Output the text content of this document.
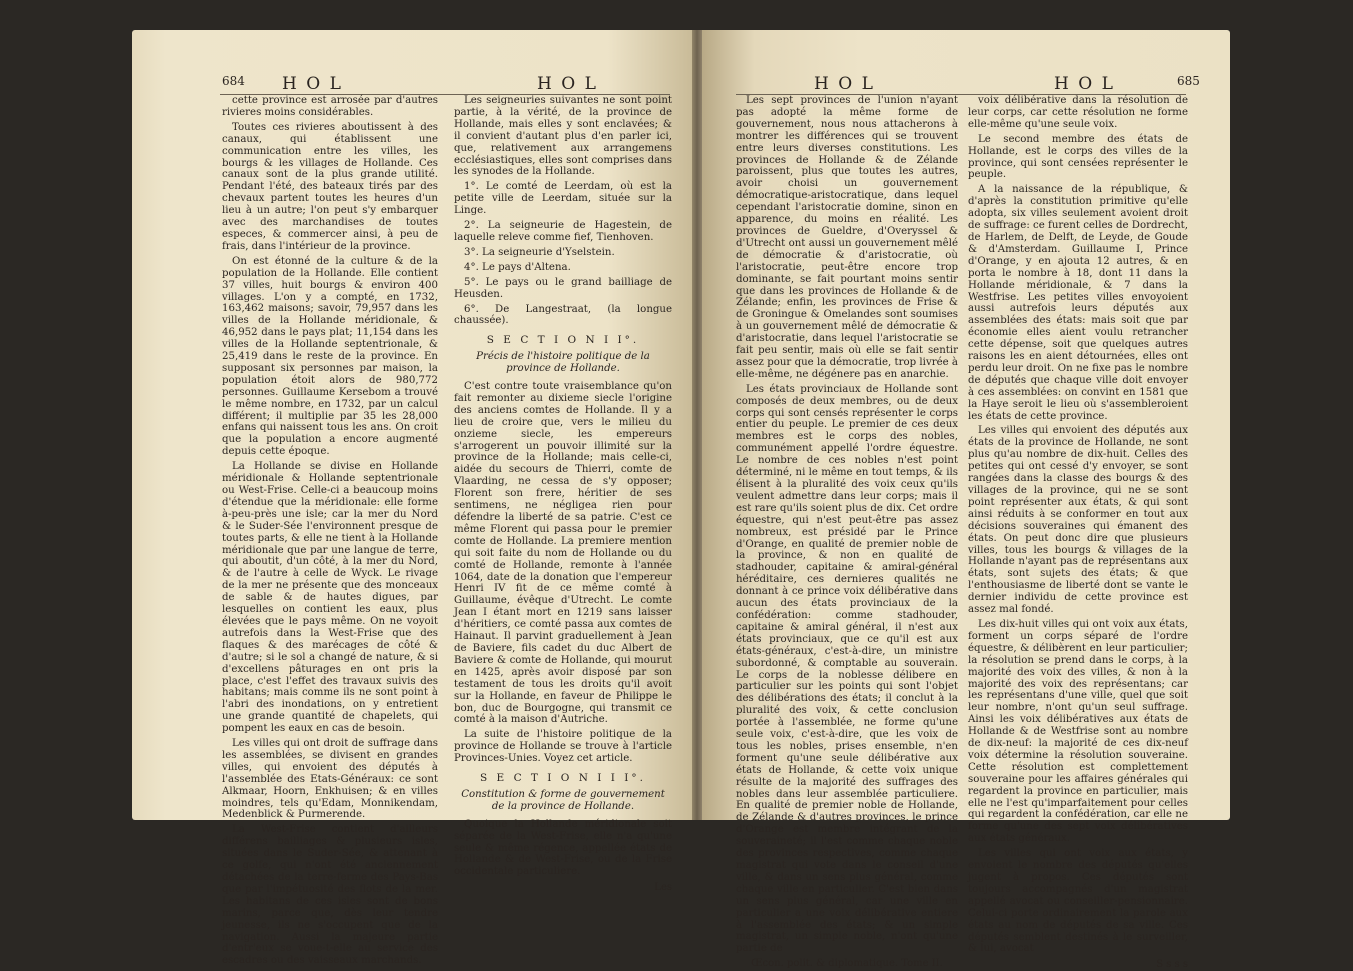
684 H O L	H O L

cette province est arrosée par d'autres rivieres moins considérables.

Toutes ces rivieres aboutissent à des canaux, qui établissent une communication entre les villes, les bourgs & les villages de Hollande. Ces canaux sont de la plus grande utilité. Pendant l'été, des bateaux tirés par des chevaux partent toutes les heures d'un lieu à un autre; l'on peut s'y embarquer avec des marchandises de toutes especes, & commercer ainsi, à peu de frais, dans l'intérieur de la province.

On est étonné de la culture & de la population de la Hollande. Elle contient 37 villes, huit bourgs & environ 400 villages. L'on y a compté, en 1732, 163,462 maisons; savoir, 79,957 dans les villes de la Hollande méridionale, & 46,952 dans le pays plat; 11,154 dans les villes de la Hollande septentrionale, & 25,419 dans le reste de la province. En supposant six personnes par maison, la population étoit alors de 980,772 personnes. Guillaume Kersebom a trouvé le même nombre, en 1732, par un calcul différent; il multiplie par 35 les 28,000 enfans qui naissent tous les ans. On croit que la population a encore augmenté depuis cette époque.

La Hollande se divise en Hollande méridionale & Hollande septentrionale ou West-Frise. Celle-ci a beaucoup moins d'étendue que la méridionale: elle forme à-peu-près une isle; car la mer du Nord & le Suder-Sée l'environnent presque de toutes parts, & elle ne tient à la Hollande méridionale que par une langue de terre, qui aboutit, d'un côté, à la mer du Nord, & de l'autre à celle de Wyck. Le rivage de la mer ne présente que des monceaux de sable & de hautes digues, par lesquelles on contient les eaux, plus élevées que le pays même. On ne voyoit autrefois dans la West-Frise que des flaques & des marécages de côté & d'autre; si le sol a changé de nature, & si d'excellens pâturages en ont pris la place, c'est l'effet des travaux suivis des habitans; mais comme ils ne sont point à l'abri des inondations, on y entretient une grande quantité de chapelets, qui pompent les eaux en cas de besoin.

Les villes qui ont droit de suffrage dans les assemblées, se divisent en grandes villes, qui envoient des députés à l'assemblée des Etats-Généraux: ce sont Alkmaar, Hoorn, Enkhuisen; & en villes moindres, tels qu'Edam, Monnikendam, Medenblick & Purmerende.

La West-Frise contient d'ailleurs différens bailliages & plusieurs isles, situées dans le Suder-Sée, & attenant à ce golfe, qui n'ont été anciennement détachées de la terre-ferme des Pays-Bas que par l'impétuosité des flots de la mer. Les habitans de ces isles sont de bons marins, parce que, dès leur tendre jeunesse, ils ne s'occupent que de la navigation. Aussi la majeure partie d'entr'eux se voue-t-elle au service des escadres ou des vaisseaux marchands.

Les seigneuries suivantes ne sont point partie, à la vérité, de la province de Hollande, mais elles y sont enclavées; & il convient d'autant plus d'en parler ici, que, relativement aux arrangemens ecclésiastiques, elles sont comprises dans les synodes de la Hollande.

1°. Le comté de Leerdam, où est la petite ville de Leerdam, située sur la Linge.

2°. La seigneurie de Hagestein, de laquelle releve comme fief, Tienhoven.

3°. La seigneurie d'Yselstein.

4°. Le pays d'Altena.

5°. Le pays ou le grand bailliage de Heusden.

6°. De Langestraat, (la longue chaussée).

S E C T I O N I I°.
Précis de l'histoire politique de la province de Hollande.

C'est contre toute vraisemblance qu'on fait remonter au dixieme siecle l'origine des anciens comtes de Hollande. Il y a lieu de croire que, vers le milieu du onzieme siecle, les empereurs s'arrogerent un pouvoir illimité sur la province de la Hollande; mais celle-ci, aidée du secours de Thierri, comte de Vlaarding, ne cessa de s'y opposer; Florent son frere, héritier de ses sentimens, ne négligea rien pour défendre la liberté de sa patrie. C'est ce même Florent qui passa pour le premier comte de Hollande. La premiere mention qui soit faite du nom de Hollande ou du comté de Hollande, remonte à l'année 1064, date de la donation que l'empereur Henri IV fit de ce même comté à Guillaume, évêque d'Utrecht. Le comte Jean I étant mort en 1219 sans laisser d'héritiers, ce comté passa aux comtes de Hainaut. Il parvint graduellement à Jean de Baviere, fils cadet du duc Albert de Baviere & comte de Hollande, qui mourut en 1425, après avoir disposé par son testament de tous les droits qu'il avoit sur la Hollande, en faveur de Philippe le bon, duc de Bourgogne, qui transmit ce comté à la maison d'Autriche.

La suite de l'histoire politique de la province de Hollande se trouve à l'article Provinces-Unies. Voyez cet article.

S E C T I O N I I I°.
Constitution & forme de gouvernement de la province de Hollande.

Quoique la Hollande méridionale soit séparée de la West-Frise, elle n'a qu'une seule & même régence, appellée états de Hollande & de West-Frise, ou de la Frise occidentale particuliere.

Les
H O L	H O L	685

Les sept provinces de l'union n'ayant pas adopté la même forme de gouvernement, nous nous attacherons à montrer les différences qui se trouvent entre leurs diverses constitutions. Les provinces de Hollande & de Zélande paroissent, plus que toutes les autres, avoir choisi un gouvernement démocratique-aristocratique, dans lequel cependant l'aristocratie domine, sinon en apparence, du moins en réalité. Les provinces de Gueldre, d'Overyssel & d'Utrecht ont aussi un gouvernement mêlé de démocratie & d'aristocratie, où l'aristocratie, peut-être encore trop dominante, se fait pourtant moins sentir que dans les provinces de Hollande & de Zélande; enfin, les provinces de Frise & de Groningue & Omelandes sont soumises à un gouvernement mêlé de démocratie & d'aristocratie, dans lequel l'aristocratie se fait peu sentir, mais où elle se fait sentir assez pour que la démocratie, trop livrée à elle-même, ne dégénere pas en anarchie.

Les états provinciaux de Hollande sont composés de deux membres, ou de deux corps qui sont censés représenter le corps entier du peuple. Le premier de ces deux membres est le corps des nobles, communément appellé l'ordre équestre. Le nombre de ces nobles n'est point déterminé, ni le même en tout temps, & ils élisent à la pluralité des voix ceux qu'ils veulent admettre dans leur corps; mais il est rare qu'ils soient plus de dix. Cet ordre équestre, qui n'est peut-être pas assez nombreux, est présidé par le Prince d'Orange, en qualité de premier noble de la province, & non en qualité de stadhouder, capitaine & amiral-général héréditaire, ces dernieres qualités ne donnant à ce prince voix délibérative dans aucun des états provinciaux de la confédération: comme stadhouder, capitaine & amiral général, il n'est aux états provinciaux, que ce qu'il est aux états-généraux, c'est-à-dire, un ministre subordonné, & comptable au souverain. Le corps de la noblesse délibere en particulier sur les points qui sont l'objet des délibérations des états; il conclut à la pluralité des voix, & cette conclusion portée à l'assemblée, ne forme qu'une seule voix, c'est-à-dire, que les voix de tous les nobles, prises ensemble, n'en forment qu'une seule délibérative aux états de Hollande, & cette voix unique résulte de la majorité des suffrages des nobles dans leur assemblée particuliere. En qualité de premier noble de Hollande, de Zélande & d'autres provinces, le prince d'Orange est membre intégrant de la souveraineté; il l'est comme chaque noble des provinces respectives, comme chaque magistrat qui vote dans le conseil d'une ville, & dans un sens plus général, comme chaque ville en particulier. C'est bien dans un sens plus général, car une ville en particulier a une voix délibérative entiere à l'assemblée des états; & un simple magistrat, un simple noble, n'ont qu'une partie de

Œcon. polit. & diplomatique. Tome II.

voix délibérative dans la résolution de leur corps, car cette résolution ne forme elle-même qu'une seule voix.

Le second membre des états de Hollande, est le corps des villes de la province, qui sont censées représenter le peuple.

A la naissance de la république, & d'après la constitution primitive qu'elle adopta, six villes seulement avoient droit de suffrage: ce furent celles de Dordrecht, de Harlem, de Delft, de Leyde, de Goude & d'Amsterdam. Guillaume I, Prince d'Orange, y en ajouta 12 autres, & en porta le nombre à 18, dont 11 dans la Hollande méridionale, & 7 dans la Westfrise. Les petites villes envoyoient aussi autrefois leurs députés aux assemblées des états: mais soit que par économie elles aient voulu retrancher cette dépense, soit que quelques autres raisons les en aient détournées, elles ont perdu leur droit. On ne fixe pas le nombre de députés que chaque ville doit envoyer à ces assemblées: on convint en 1581 que la Haye seroit le lieu où s'assembleroient les états de cette province.

Les villes qui envoient des députés aux états de la province de Hollande, ne sont plus qu'au nombre de dix-huit. Celles des petites qui ont cessé d'y envoyer, se sont rangées dans la classe des bourgs & des villages de la province, qui ne se sont point représenter aux états, & qui sont ainsi réduits à se conformer en tout aux décisions souveraines qui émanent des états. On peut donc dire que plusieurs villes, tous les bourgs & villages de la Hollande n'ayant pas de représentans aux états, sont sujets des états; & que l'enthousiasme de liberté dont se vante le dernier individu de cette province est assez mal fondé.

Les dix-huit villes qui ont voix aux états, forment un corps séparé de l'ordre équestre, & délibèrent en leur particulier; la résolution se prend dans le corps, à la majorité des voix des villes, & non à la majorité des voix des représentans; car les représentans d'une ville, quel que soit leur nombre, n'ont qu'un seul suffrage. Ainsi les voix délibératives aux états de Hollande & de Westfrise sont au nombre de dix-neuf: la majorité de ces dix-neuf voix détermine la résolution souveraine. Cette résolution est complettement souveraine pour les affaires générales qui regardent la province en particulier, mais elle ne l'est qu'imparfaitement pour celles qui regardent la confédération, car elle ne forme qu'une des sept voix délibératives aux états généraux.

Les villes qui ont voix aux états, y envoient le nombre des députés qu'elles jugent à propos. Ces députés sont toujours accompagnés d'un magistrat appellé avocat ou conseiller-pensionnaire. Celui-ci porte ordinairement la parole aux états au nom de députés de sa ville. Ces députés semblent destinés à le surveiller, & lui, avocat

S s s s
